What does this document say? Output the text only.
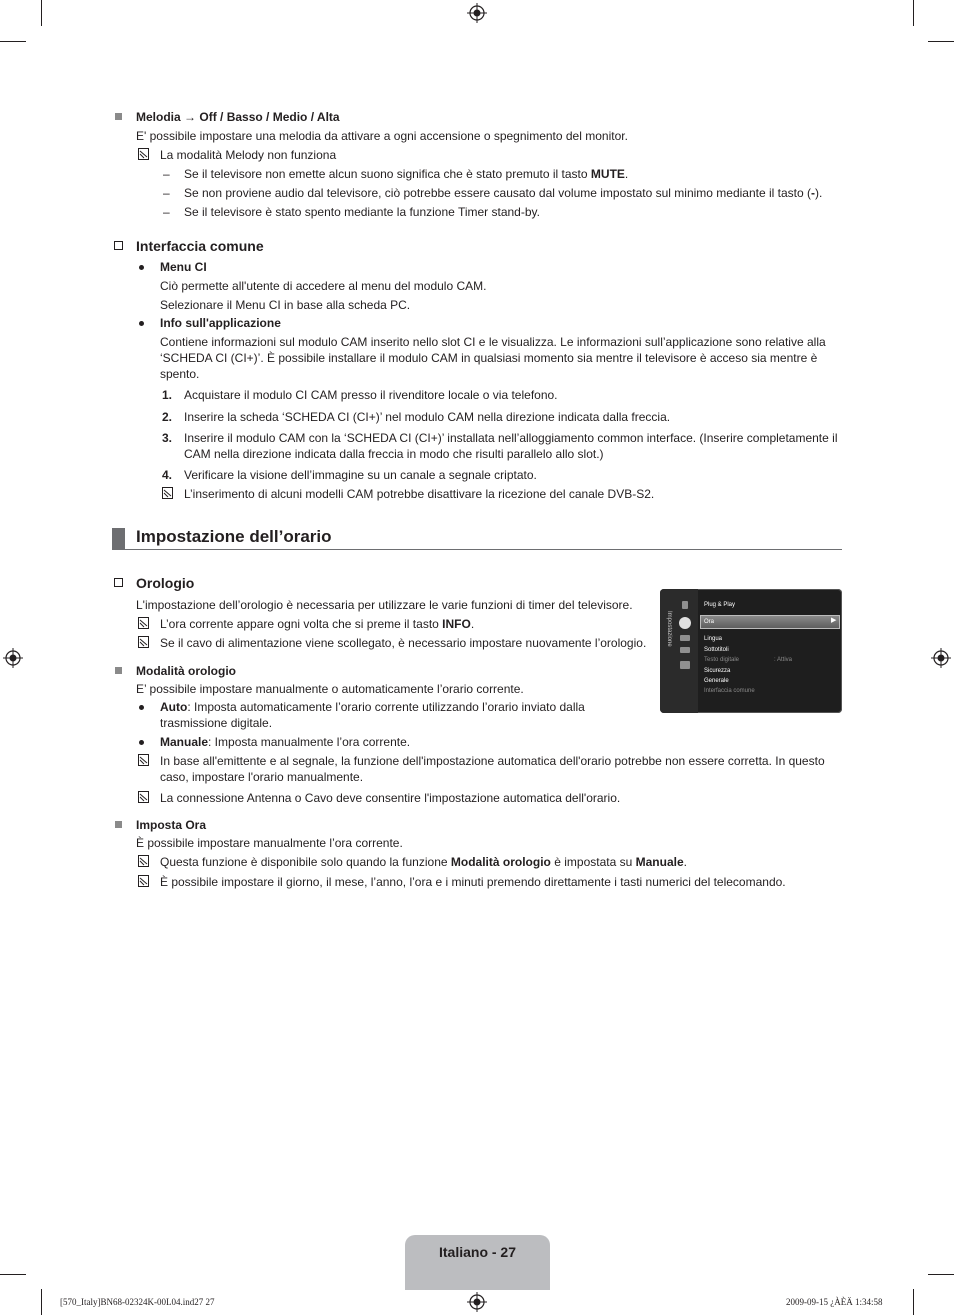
Melodia → Off / Basso / Medio / Alta
E' possibile impostare una melodia da attivare a ogni accensione o spegnimento del monitor.
La modalità Melody non funziona
– Se il televisore non emette alcun suono significa che è stato premuto il tasto MUTE.
– Se non proviene audio dal televisore, ciò potrebbe essere causato dal volume impostato sul minimo mediante il tasto (-).
– Se il televisore è stato spento mediante la funzione Timer stand-by.
Interfaccia comune
Menu CI
Ciò permette all'utente di accedere al menu del modulo CAM.
Selezionare il Menu CI in base alla scheda PC.
Info sull'applicazione
Contiene informazioni sul modulo CAM inserito nello slot CI e le visualizza. Le informazioni sull’applicazione sono relative alla ‘SCHEDA CI (CI+)’. È possibile installare il modulo CAM in qualsiasi momento sia mentre il televisore è acceso sia mentre è spento.
1. Acquistare il modulo CI CAM presso il rivenditore locale o via telefono.
2. Inserire la scheda ‘SCHEDA CI (CI+)’ nel modulo CAM nella direzione indicata dalla freccia.
3. Inserire il modulo CAM con la ‘SCHEDA CI (CI+)’ installata nell’alloggiamento common interface. (Inserire completamente il CAM nella direzione indicata dalla freccia in modo che risulti parallelo allo slot.)
4. Verificare la visione dell’immagine su un canale a segnale criptato.
L’inserimento di alcuni modelli CAM potrebbe disattivare la ricezione del canale DVB-S2.
Impostazione dell’orario
Orologio
L'impostazione dell’orologio è necessaria per utilizzare le varie funzioni di timer del televisore.
L’ora corrente appare ogni volta che si preme il tasto INFO.
Se il cavo di alimentazione viene scollegato, è necessario impostare nuovamente l’orologio.	Impostazione
Plug & Play
Ora	▶
Lingua
Sottotitoli
Testo digitale	: Attiva
Sicurezza
Generale
Interfaccia comune
Modalità orologio
E’ possibile impostare manualmente o automaticamente l’orario corrente.
Auto: Imposta automaticamente l’orario corrente utilizzando l’orario inviato dalla trasmissione digitale.
Manuale: Imposta manualmente l’ora corrente.
In base all'emittente e al segnale, la funzione dell'impostazione automatica dell'orario potrebbe non essere corretta. In questo caso, impostare l'orario manualmente.
La connessione Antenna o Cavo deve consentire l'impostazione automatica dell'orario.
Imposta Ora
È possibile impostare manualmente l’ora corrente.
Questa funzione è disponibile solo quando la funzione Modalità orologio è impostata su Manuale.
È possibile impostare il giorno, il mese, l’anno, l’ora e i minuti premendo direttamente i tasti numerici del telecomando.
Italiano - 27
[570_Italy]BN68-02324K-00L04.ind27 27	2009-09-15 ¿ÀÈÄ 1:34:58
